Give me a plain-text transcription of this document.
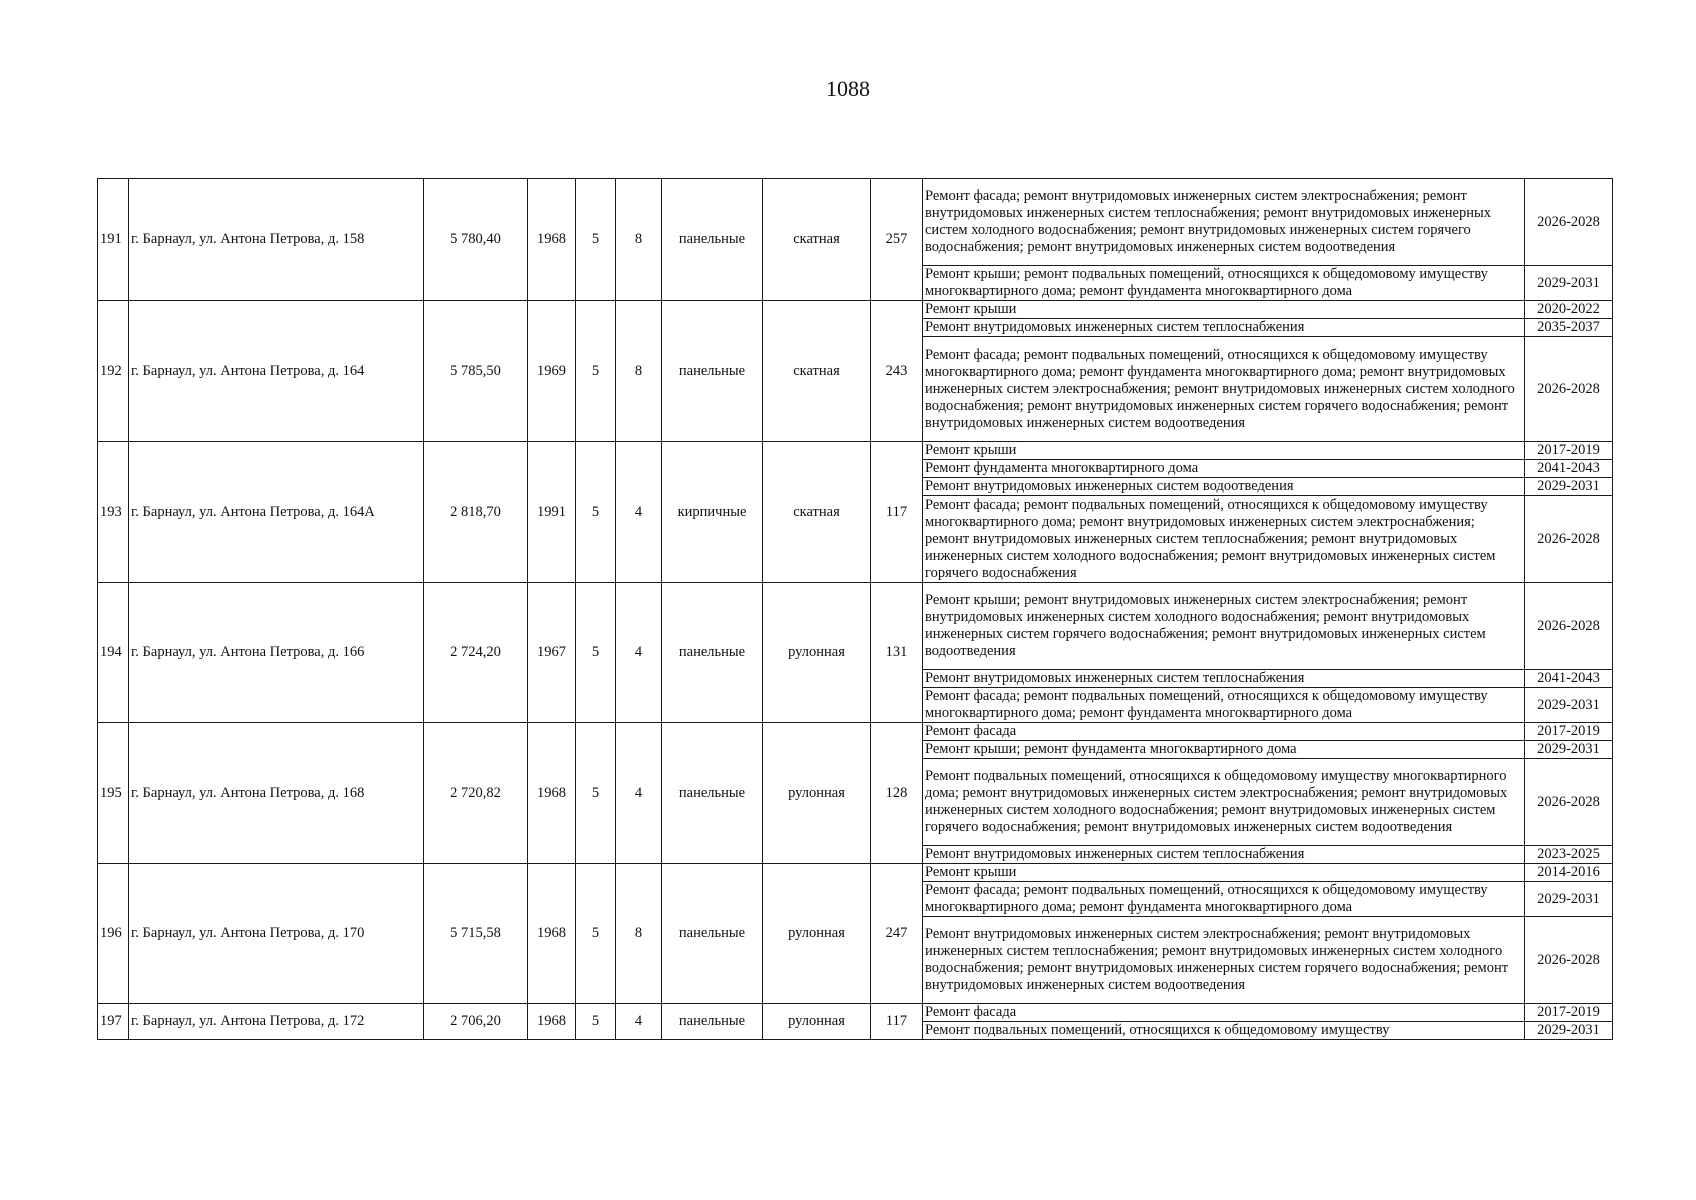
1088
191	г. Барнаул, ул. Антона Петрова, д. 158	5 780,40	1968	5	8	панельные	скатная	257	Ремонт фасада; ремонт внутридомовых инженерных систем электроснабжения; ремонт внутридомовых инженерных систем теплоснабжения; ремонт внутридомовых инженерных систем холодного водоснабжения; ремонт внутридомовых инженерных систем горячего водоснабжения; ремонт внутридомовых инженерных систем водоотведения	2026-2028
									Ремонт крыши; ремонт подвальных помещений, относящихся к общедомовому имуществу многоквартирного дома; ремонт фундамента многоквартирного дома	2029-2031
192	г. Барнаул, ул. Антона Петрова, д. 164	5 785,50	1969	5	8	панельные	скатная	243	Ремонт крыши	2020-2022
									Ремонт внутридомовых инженерных систем теплоснабжения	2035-2037
									Ремонт фасада; ремонт подвальных помещений, относящихся к общедомовому имуществу многоквартирного дома; ремонт фундамента многоквартирного дома; ремонт внутридомовых инженерных систем электроснабжения; ремонт внутридомовых инженерных систем холодного водоснабжения; ремонт внутридомовых инженерных систем горячего водоснабжения; ремонт внутридомовых инженерных систем водоотведения	2026-2028
193	г. Барнаул, ул. Антона Петрова, д. 164А	2 818,70	1991	5	4	кирпичные	скатная	117	Ремонт крыши	2017-2019
									Ремонт фундамента многоквартирного дома	2041-2043
									Ремонт внутридомовых инженерных систем водоотведения	2029-2031
									Ремонт фасада; ремонт подвальных помещений, относящихся к общедомовому имуществу многоквартирного дома; ремонт внутридомовых инженерных систем электроснабжения; ремонт внутридомовых инженерных систем теплоснабжения; ремонт внутридомовых инженерных систем холодного водоснабжения; ремонт внутридомовых инженерных систем горячего водоснабжения	2026-2028
194	г. Барнаул, ул. Антона Петрова, д. 166	2 724,20	1967	5	4	панельные	рулонная	131	Ремонт крыши; ремонт внутридомовых инженерных систем электроснабжения; ремонт внутридомовых инженерных систем холодного водоснабжения; ремонт внутридомовых инженерных систем горячего водоснабжения; ремонт внутридомовых инженерных систем водоотведения	2026-2028
									Ремонт внутридомовых инженерных систем теплоснабжения	2041-2043
									Ремонт фасада; ремонт подвальных помещений, относящихся к общедомовому имуществу многоквартирного дома; ремонт фундамента многоквартирного дома	2029-2031
195	г. Барнаул, ул. Антона Петрова, д. 168	2 720,82	1968	5	4	панельные	рулонная	128	Ремонт фасада	2017-2019
									Ремонт крыши; ремонт фундамента многоквартирного дома	2029-2031
									Ремонт подвальных помещений, относящихся к общедомовому имуществу многоквартирного дома; ремонт внутридомовых инженерных систем электроснабжения; ремонт внутридомовых инженерных систем холодного водоснабжения; ремонт внутридомовых инженерных систем горячего водоснабжения; ремонт внутридомовых инженерных систем водоотведения	2026-2028
									Ремонт внутридомовых инженерных систем теплоснабжения	2023-2025
196	г. Барнаул, ул. Антона Петрова, д. 170	5 715,58	1968	5	8	панельные	рулонная	247	Ремонт крыши	2014-2016
									Ремонт фасада; ремонт подвальных помещений, относящихся к общедомовому имуществу многоквартирного дома; ремонт фундамента многоквартирного дома	2029-2031
									Ремонт внутридомовых инженерных систем электроснабжения; ремонт внутридомовых инженерных систем теплоснабжения; ремонт внутридомовых инженерных систем холодного водоснабжения; ремонт внутридомовых инженерных систем горячего водоснабжения; ремонт внутридомовых инженерных систем водоотведения	2026-2028
197	г. Барнаул, ул. Антона Петрова, д. 172	2 706,20	1968	5	4	панельные	рулонная	117	Ремонт фасада	2017-2019
									Ремонт подвальных помещений, относящихся к общедомовому имуществу	2029-2031
